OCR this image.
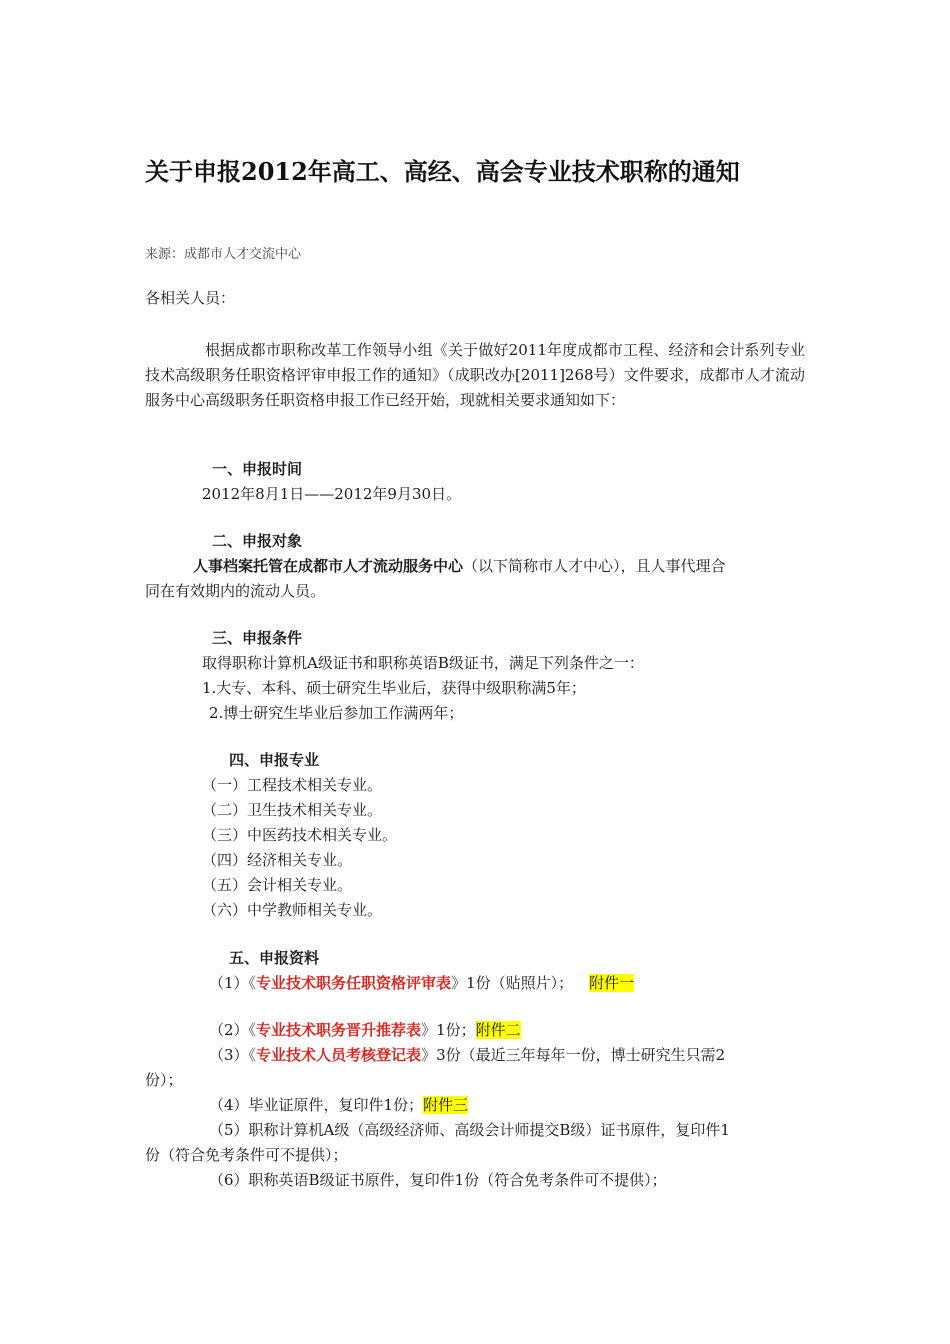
关于申报2012年高工、高经、高会专业技术职称的通知
来源：成都市人才交流中心
各相关人员：
根据成都市职称改革工作领导小组《关于做好2011年度成都市工程、经济和会计系列专业技术高级职务任职资格评审申报工作的通知》（成职改办[2011]268号）文件要求，成都市人才流动服务中心高级职务任职资格申报工作已经开始，现就相关要求通知如下：
一、申报时间
2012年8月1日——2012年9月30日。
二、申报对象
人事档案托管在成都市人才流动服务中心（以下简称市人才中心），且人事代理合
同在有效期内的流动人员。
三、申报条件
取得职称计算机A级证书和职称英语B级证书，满足下列条件之一：
1.大专、本科、硕士研究生毕业后，获得中级职称满5年；
2.博士研究生毕业后参加工作满两年；
四、申报专业
（一）工程技术相关专业。
（二）卫生技术相关专业。
（三）中医药技术相关专业。
（四）经济相关专业。
（五）会计相关专业。
（六）中学教师相关专业。
五、申报资料
（1）《专业技术职务任职资格评审表》1份（贴照片）； 附件一
（2）《专业技术职务晋升推荐表》1份；附件二
（3）《专业技术人员考核登记表》3份（最近三年每年一份，博士研究生只需2
份）；
（4）毕业证原件，复印件1份；附件三
（5）职称计算机A级（高级经济师、高级会计师提交B级）证书原件，复印件1
份（符合免考条件可不提供）；
（6）职称英语B级证书原件，复印件1份（符合免考条件可不提供）；
